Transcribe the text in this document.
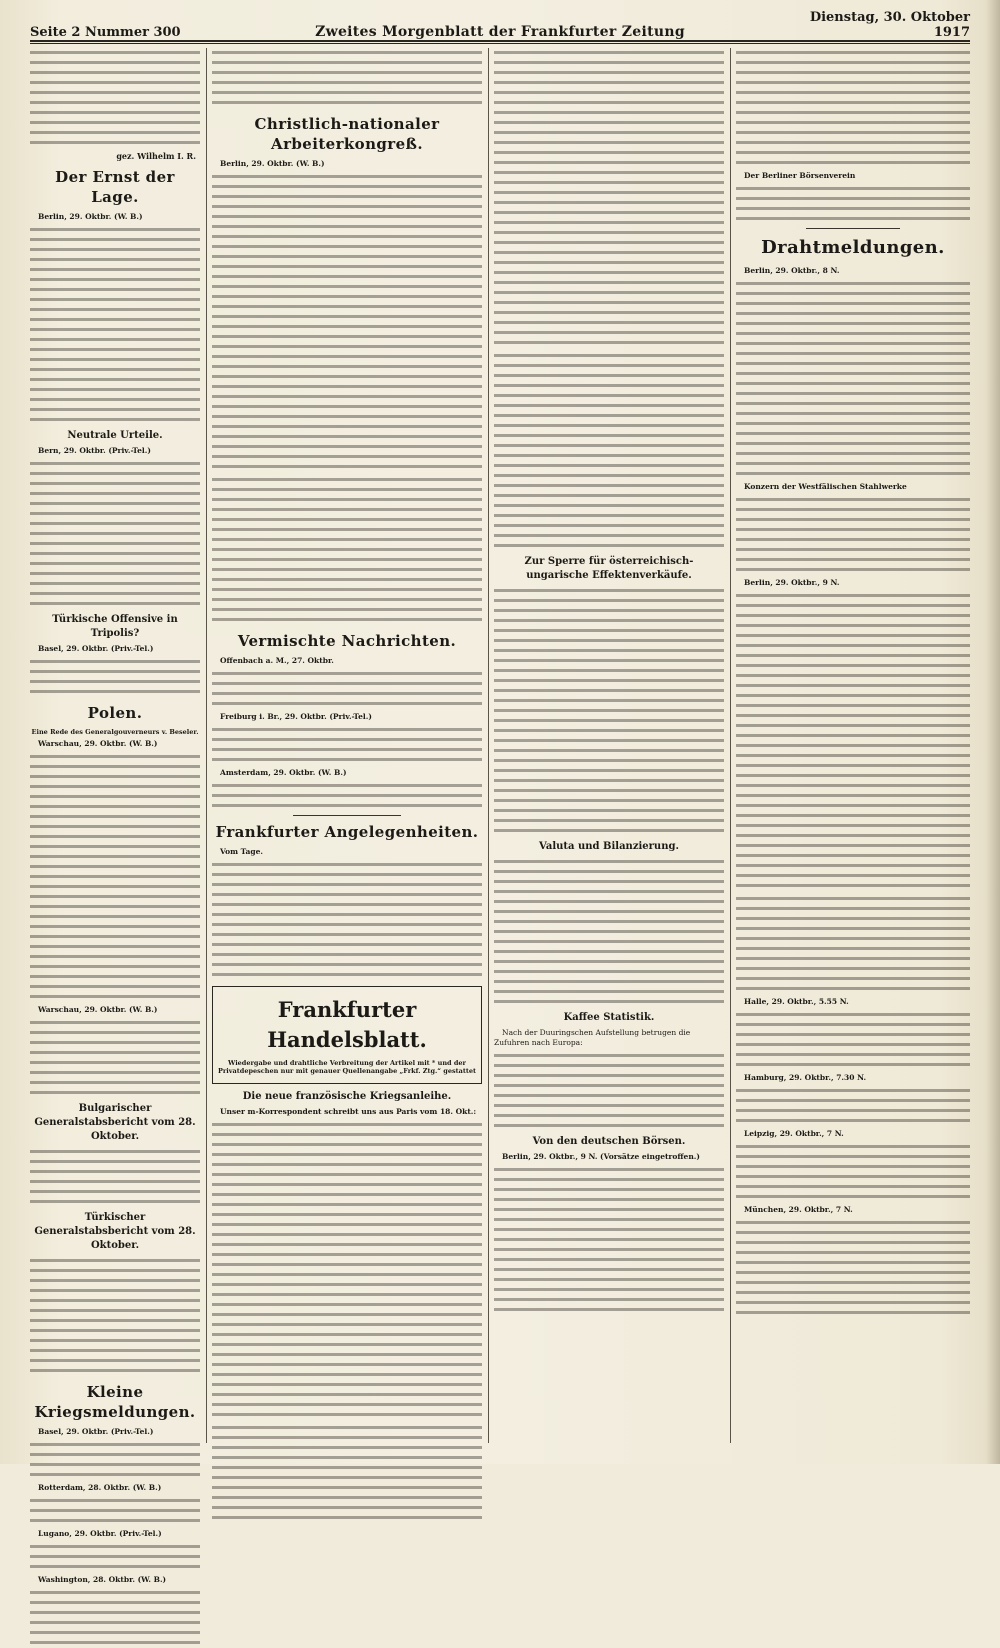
Seite 2 Nummer 300	Zweites Morgenblatt der Frankfurter Zeitung
Dienstag, 30. Oktober 1917
gez. Wilhelm I. R.
Der Ernst der Lage.

Berlin, 29. Oktbr. (W. B.)

Neutrale Urteile.

Bern, 29. Oktbr. (Priv.-Tel.)

Türkische Offensive in Tripolis?

Basel, 29. Oktbr. (Priv.-Tel.)

Polen.
Eine Rede des Generalgouverneurs v. Beseler.

Warschau, 29. Oktbr. (W. B.)

Warschau, 29. Oktbr. (W. B.)

Bulgarischer Generalstabsbericht vom 28. Oktober.
Türkischer Generalstabsbericht vom 28. Oktober.
Kleine Kriegsmeldungen.

Basel, 29. Oktbr. (Priv.-Tel.)

Rotterdam, 28. Oktbr. (W. B.)

Lugano, 29. Oktbr. (Priv.-Tel.)

Washington, 28. Oktbr. (W. B.)

Christlich-nationaler Arbeiterkongreß.

Berlin, 29. Oktbr. (W. B.)

Vermischte Nachrichten.

Offenbach a. M., 27. Oktbr.

Freiburg i. Br., 29. Oktbr. (Priv.-Tel.)

Amsterdam, 29. Oktbr. (W. B.)

Frankfurter Angelegenheiten.

Vom Tage.

Frankfurter Handelsblatt.
Wiedergabe und drahtliche Verbreitung der Artikel mit * und der Privatdepeschen nur mit genauer Quellenangabe „Frkf. Ztg.“ gestattet
Die neue französische Kriegsanleihe.

Unser m-Korrespondent schreibt uns aus Paris vom 18. Okt.:

Zur Sperre für österreichisch-ungarische Effektenverkäufe.
Valuta und Bilanzierung.
Kaffee Statistik.

Nach der Duuringschen Aufstellung betrugen die Zufuhren nach Europa:

Von den deutschen Börsen.

Berlin, 29. Oktbr., 9 N. (Vorsätze eingetroffen.)

Der Berliner Börsenverein

Drahtmeldungen.

Berlin, 29. Oktbr., 8 N.

Konzern der Westfälischen Stahlwerke

Berlin, 29. Oktbr., 9 N.

Halle, 29. Oktbr., 5.55 N.

Hamburg, 29. Oktbr., 7.30 N.

Leipzig, 29. Oktbr., 7 N.

München, 29. Oktbr., 7 N.
